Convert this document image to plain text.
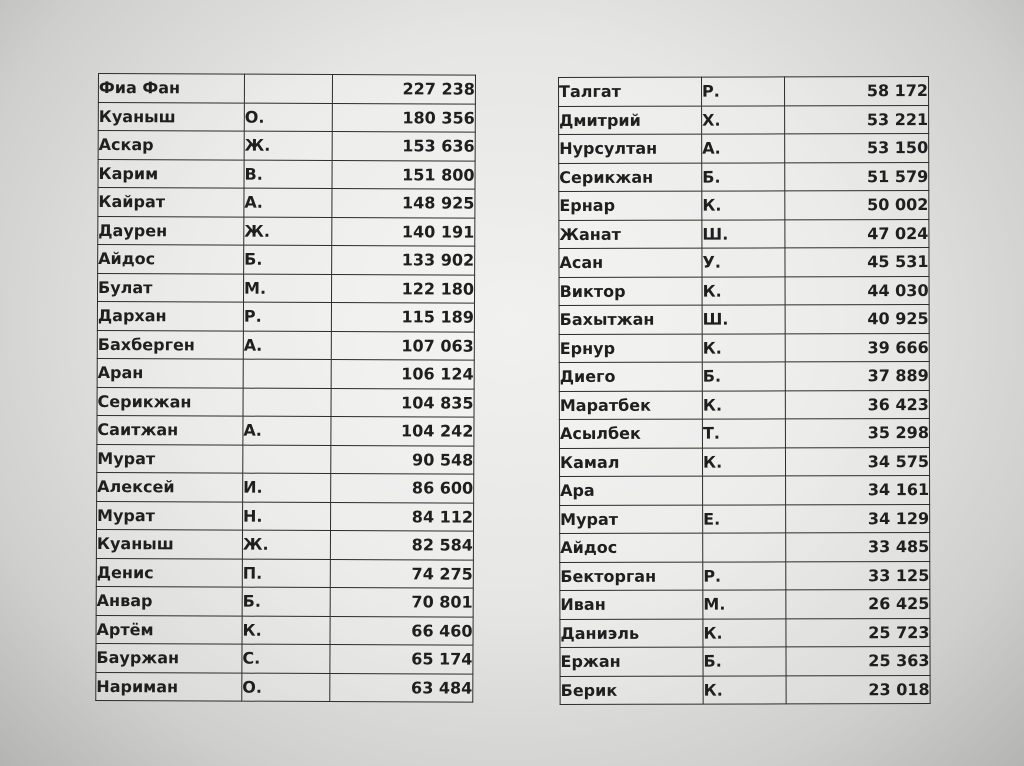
Фиа Фан		227 238
Куаныш	О.	180 356
Аскар	Ж.	153 636
Карим	В.	151 800
Кайрат	А.	148 925
Даурен	Ж.	140 191
Айдос	Б.	133 902
Булат	М.	122 180
Дархан	Р.	115 189
Бахберген	А.	107 063
Аран		106 124
Серикжан		104 835
Саитжан	А.	104 242
Мурат		90 548
Алексей	И.	86 600
Мурат	Н.	84 112
Куаныш	Ж.	82 584
Денис	П.	74 275
Анвар	Б.	70 801
Артём	К.	66 460
Бауржан	С.	65 174
Нариман	О.	63 484
Талгат	Р.	58 172
Дмитрий	Х.	53 221
Нурсултан	А.	53 150
Серикжан	Б.	51 579
Ернар	К.	50 002
Жанат	Ш.	47 024
Асан	У.	45 531
Виктор	К.	44 030
Бахытжан	Ш.	40 925
Ернур	К.	39 666
Диего	Б.	37 889
Маратбек	К.	36 423
Асылбек	Т.	35 298
Камал	К.	34 575
Ара		34 161
Мурат	Е.	34 129
Айдос		33 485
Бекторган	Р.	33 125
Иван	М.	26 425
Даниэль	К.	25 723
Ержан	Б.	25 363
Берик	К.	23 018
